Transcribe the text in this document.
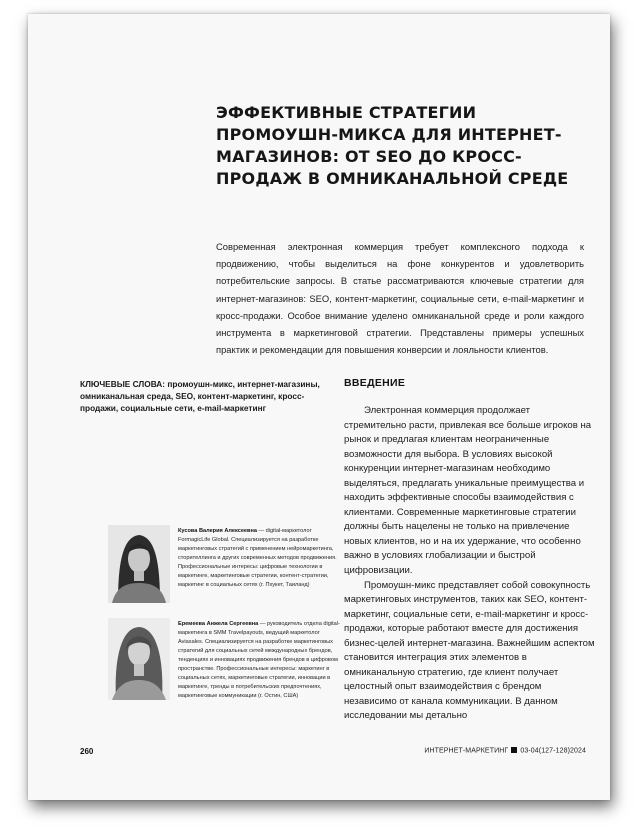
ЭФФЕКТИВНЫЕ СТРАТЕГИИ ПРОМОУШН-МИКСА ДЛЯ ИНТЕРНЕТ-МАГАЗИНОВ: ОТ SEO ДО КРОСС-ПРОДАЖ В ОМНИКАНАЛЬНОЙ СРЕДЕ

Современная электронная коммерция требует комплексного подхода к продвижению, чтобы выделиться на фоне конкурентов и удовлетворить потребительские запросы. В статье рассматриваются ключевые стратегии для интернет-магазинов: SEO, контент-маркетинг, социальные сети, e-mail-маркетинг и кросс-продажи. Особое внимание уделено омниканальной среде и роли каждого инструмента в маркетинговой стратегии. Представлены примеры успешных практик и рекомендации для повышения конверсии и лояльности клиентов.

КЛЮЧЕВЫЕ СЛОВА: промоушн-микс, интернет-магазины, омниканальная среда, SEO, контент-маркетинг, кросс-продажи, социальные сети, e-mail-маркетинг

ВВЕДЕНИЕ

Электронная коммерция продолжает стремительно расти, привлекая все больше игроков на рынок и предлагая клиентам неограниченные возможности для выбора. В условиях высокой конкуренции интернет-магазинам необходимо выделяться, предлагать уникальные преимущества и находить эффективные способы взаимодействия с клиентами. Современные маркетинговые стратегии должны быть нацелены не только на привлечение новых клиентов, но и на их удержание, что особенно важно в условиях глобализации и быстрой цифровизации.

Промоушн-микс представляет собой совокупность маркетинговых инструментов, таких как SEO, контент-маркетинг, социальные сети, e-mail-маркетинг и кросс-продажи, которые работают вместе для достижения бизнес-целей интернет-магазина. Важнейшим аспектом становится интеграция этих элементов в омниканальную стратегию, где клиент получает целостный опыт взаимодействия с брендом независимо от канала коммуникации. В данном исследовании мы детально

Кусова Валерия Алексеевна — digital-маркетолог FormagicLife Global. Специализируется на разработке маркетинговых стратегий с применением нейромаркетинга, сторителлинга и других современных методов продвижения. Профессиональные интересы: цифровые технологии в маркетинге, маркетинговые стратегии, контент-стратегии, маркетинг в социальных сетях (г. Пхукет, Таиланд)

Еремеева Анжела Сергеевна — руководитель отдела digital-маркетинга в SMM Travelpayouts, ведущий маркетолог Aviasales. Специализируется на разработке маркетинговых стратегий для социальных сетей международных брендов, тенденциях и инновациях продвижения брендов в цифровом пространстве. Профессиональные интересы: маркетинг в социальных сетях, маркетинговые стратегии, инновации в маркетинге, тренды в потребительских предпочтениях, маркетинговые коммуникации (г. Остин, США)

260	ИНТЕРНЕТ-МАРКЕТИНГ 03-04(127-128)2024
